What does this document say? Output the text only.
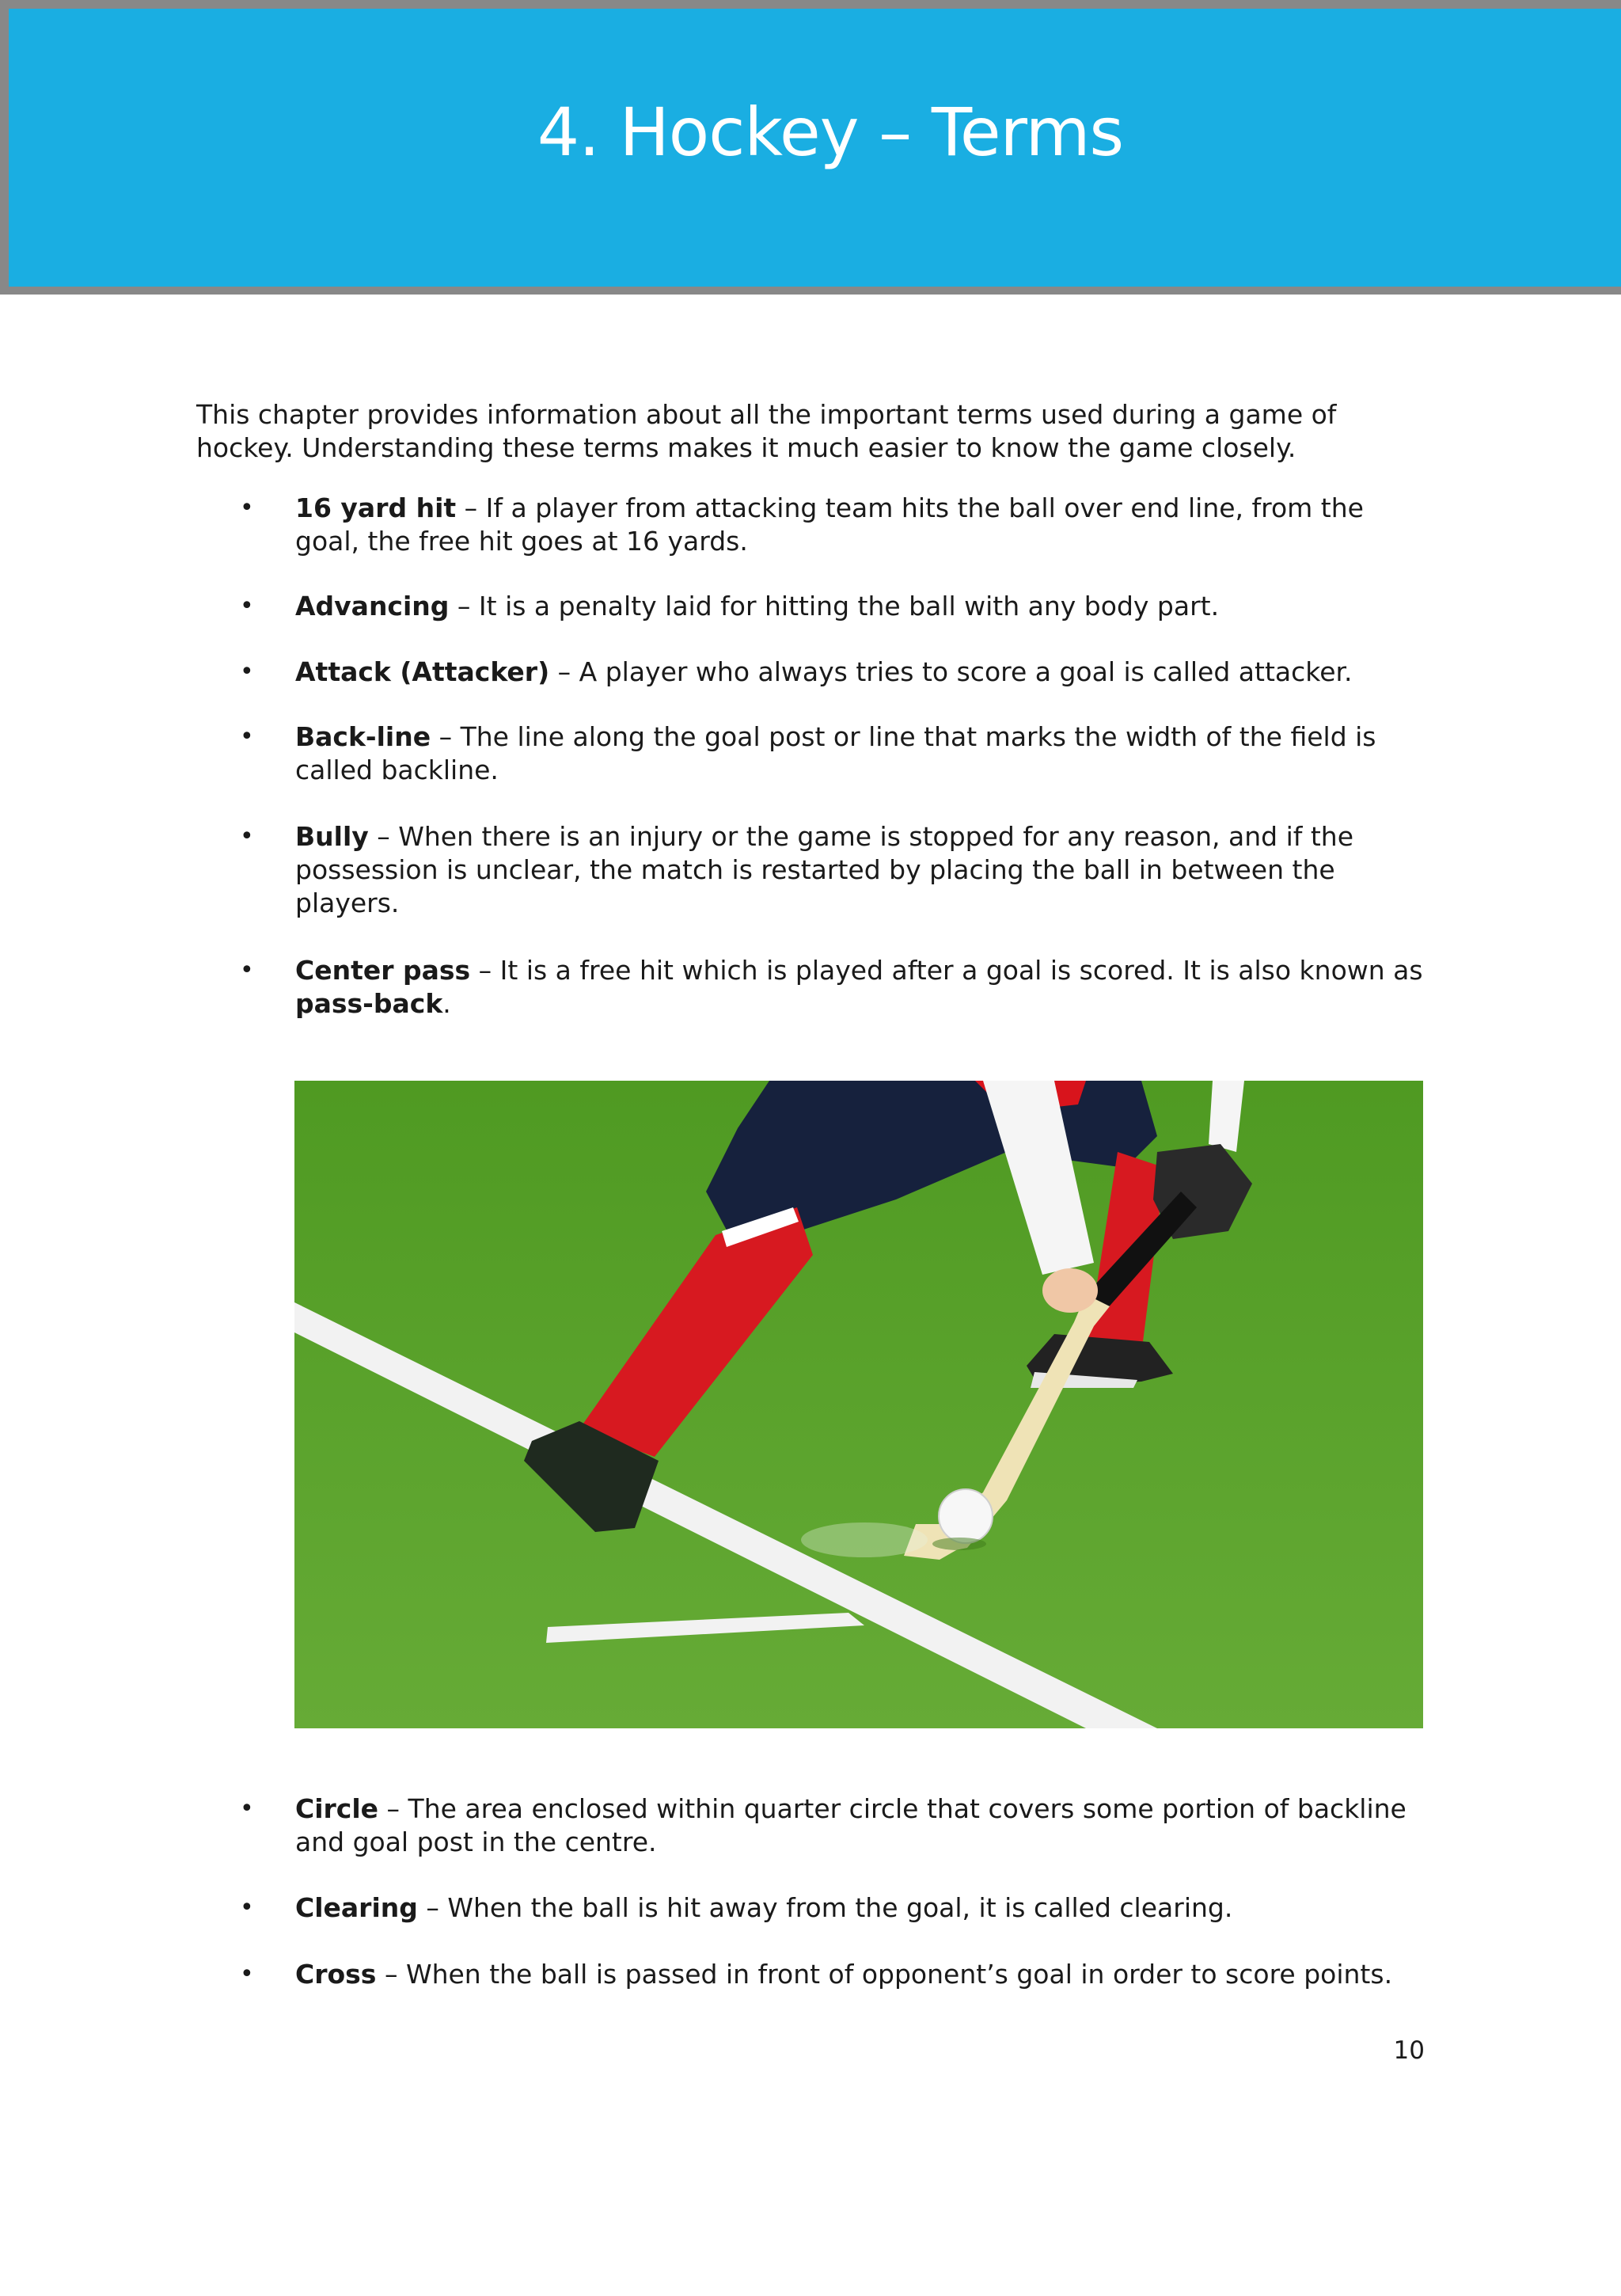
4. Hockey – Terms

This chapter provides information about all the important terms used during a game of hockey. Understanding these terms makes it much easier to know the game closely.

• 16 yard hit – If a player from attacking team hits the ball over end line, from the goal, the free hit goes at 16 yards.
• Advancing – It is a penalty laid for hitting the ball with any body part.
• Attack (Attacker) – A player who always tries to score a goal is called attacker.
• Back-line – The line along the goal post or line that marks the width of the field is called backline.
• Bully – When there is an injury or the game is stopped for any reason, and if the possession is unclear, the match is restarted by placing the ball in between the players.
• Center pass – It is a free hit which is played after a goal is scored. It is also known as pass-back.
• Circle – The area enclosed within quarter circle that covers some portion of backline and goal post in the centre.
• Clearing – When the ball is hit away from the goal, it is called clearing.
• Cross – When the ball is passed in front of opponent’s goal in order to score points.
10
